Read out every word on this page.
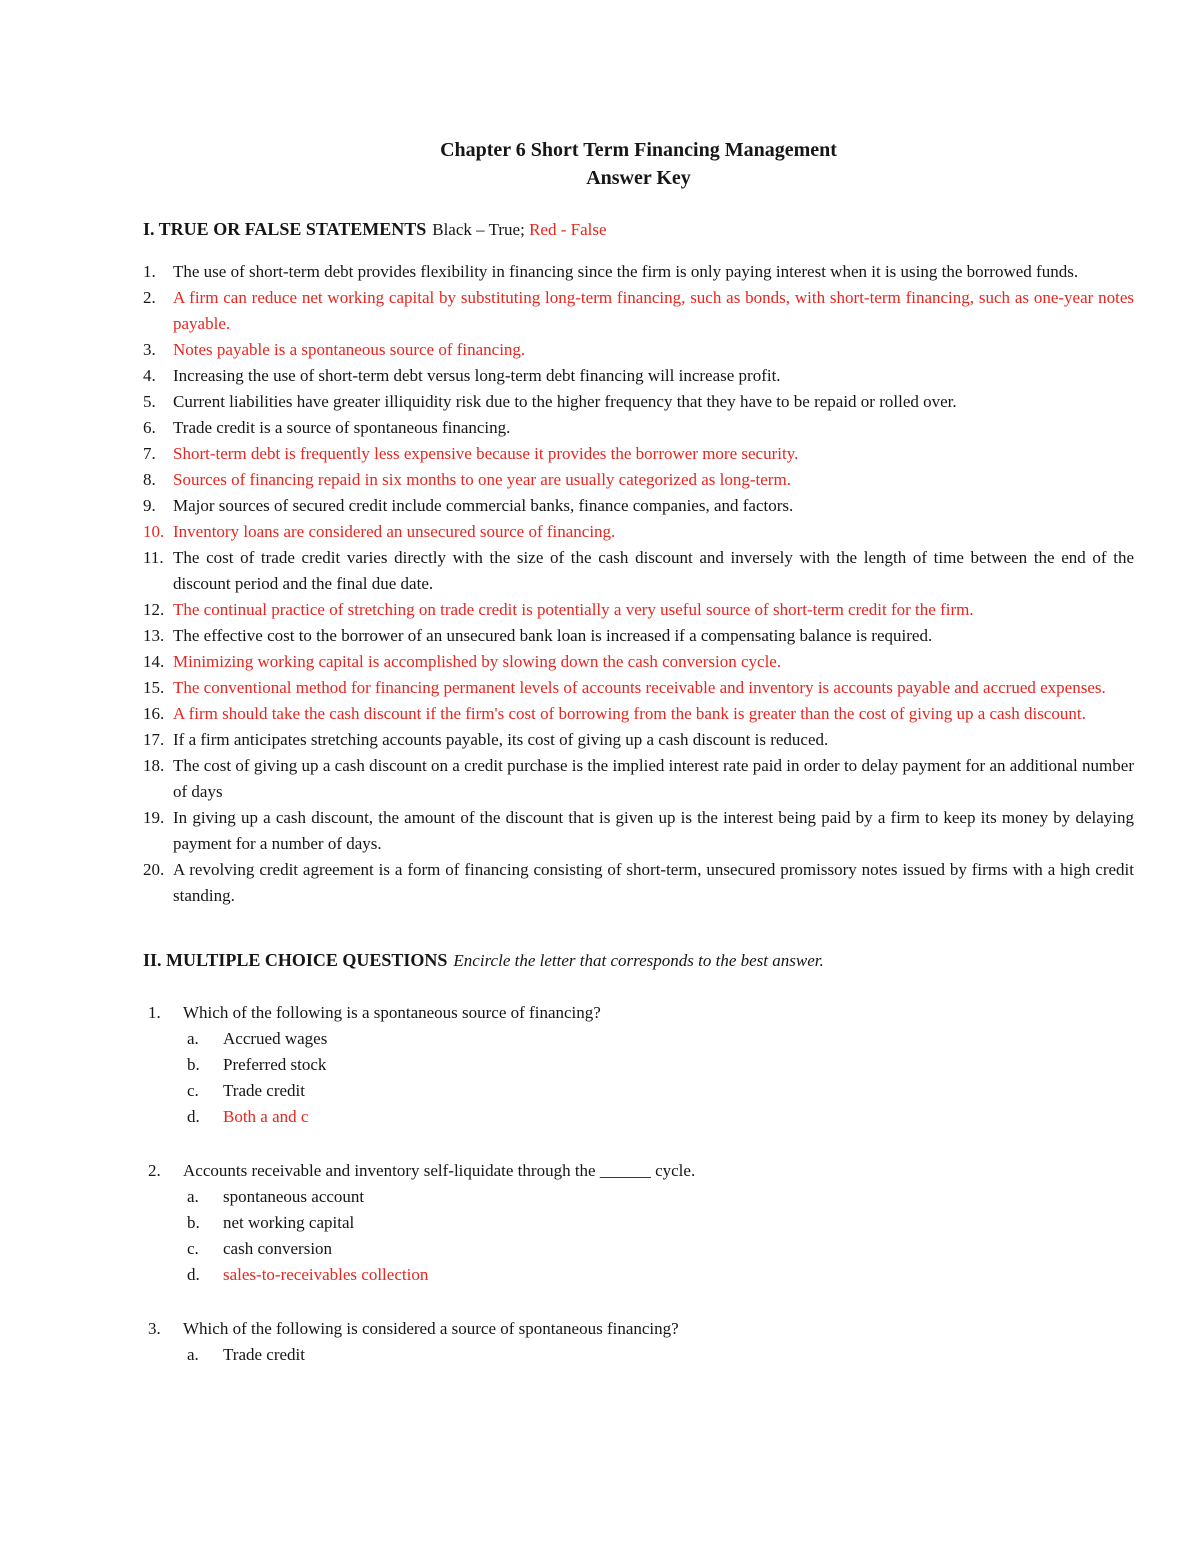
Chapter 6 Short Term Financing Management
Answer Key
I. TRUE OR FALSE STATEMENTS Black – True; Red - False
1.	The use of short-term debt provides flexibility in financing since the firm is only paying interest when it is using the borrowed funds.
2.	A firm can reduce net working capital by substituting long-term financing, such as bonds, with short-term financing, such as one-year notes payable.
3.	Notes payable is a spontaneous source of financing.
4.	Increasing the use of short-term debt versus long-term debt financing will increase profit.
5.	Current liabilities have greater illiquidity risk due to the higher frequency that they have to be repaid or rolled over.
6.	Trade credit is a source of spontaneous financing.
7.	Short-term debt is frequently less expensive because it provides the borrower more security.
8.	Sources of financing repaid in six months to one year are usually categorized as long-term.
9.	Major sources of secured credit include commercial banks, finance companies, and factors.
10. Inventory loans are considered an unsecured source of financing.
11. The cost of trade credit varies directly with the size of the cash discount and inversely with the length of time between the end of the discount period and the final due date.
12. The continual practice of stretching on trade credit is potentially a very useful source of short-term credit for the firm.
13. The effective cost to the borrower of an unsecured bank loan is increased if a compensating balance is required.
14. Minimizing working capital is accomplished by slowing down the cash conversion cycle.
15. The conventional method for financing permanent levels of accounts receivable and inventory is accounts payable and accrued expenses.
16. A firm should take the cash discount if the firm's cost of borrowing from the bank is greater than the cost of giving up a cash discount.
17. If a firm anticipates stretching accounts payable, its cost of giving up a cash discount is reduced.
18. The cost of giving up a cash discount on a credit purchase is the implied interest rate paid in order to delay payment for an additional number of days
19. In giving up a cash discount, the amount of the discount that is given up is the interest being paid by a firm to keep its money by delaying payment for a number of days.
20. A revolving credit agreement is a form of financing consisting of short-term, unsecured promissory notes issued by firms with a high credit standing.
II. MULTIPLE CHOICE QUESTIONS Encircle the letter that corresponds to the best answer.
1.	Which of the following is a spontaneous source of financing?
a.	Accrued wages
b.	Preferred stock
c.	Trade credit
d.	Both a and c
2.	Accounts receivable and inventory self-liquidate through the ______ cycle.
a.	spontaneous account
b.	net working capital
c.	cash conversion
d.	sales-to-receivables collection
3.	Which of the following is considered a source of spontaneous financing?
a.	Trade credit
